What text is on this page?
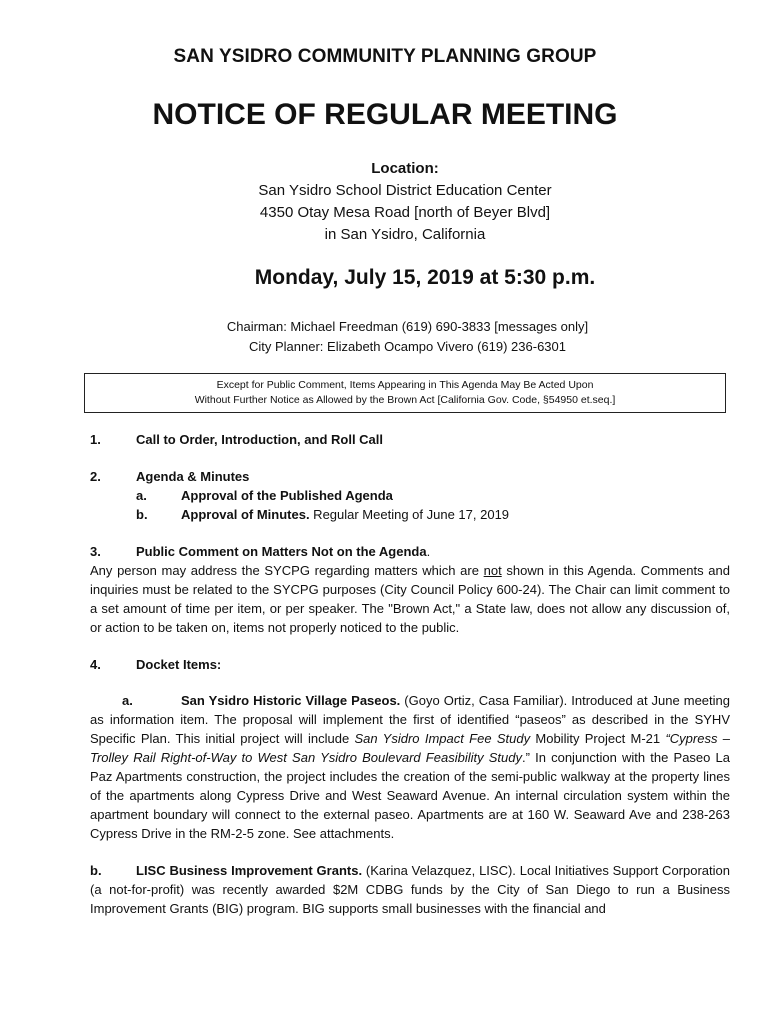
SAN YSIDRO COMMUNITY PLANNING GROUP
NOTICE OF REGULAR MEETING
Location:
San Ysidro School District Education Center
4350 Otay Mesa Road [north of Beyer Blvd]
in San Ysidro, California
Monday, July 15, 2019 at 5:30 p.m.
Chairman: Michael Freedman (619) 690-3833 [messages only]
City Planner: Elizabeth Ocampo Vivero (619) 236-6301
Except for Public Comment, Items Appearing in This Agenda May Be Acted Upon
Without Further Notice as Allowed by the Brown Act [California Gov. Code, §54950 et.seq.]
1.	Call to Order, Introduction, and Roll Call
2.	Agenda & Minutes
a.	Approval of the Published Agenda
b.	Approval of Minutes. Regular Meeting of June 17, 2019
3.	Public Comment on Matters Not on the Agenda.
Any person may address the SYCPG regarding matters which are not shown in this Agenda. Comments and inquiries must be related to the SYCPG purposes (City Council Policy 600-24). The Chair can limit comment to a set amount of time per item, or per speaker. The "Brown Act," a State law, does not allow any discussion of, or action to be taken on, items not properly noticed to the public.
4.	Docket Items:
a.	San Ysidro Historic Village Paseos. (Goyo Ortiz, Casa Familiar). Introduced at June meeting as information item. The proposal will implement the first of identified “paseos” as described in the SYHV Specific Plan. This initial project will include San Ysidro Impact Fee Study Mobility Project M-21 “Cypress – Trolley Rail Right-of-Way to West San Ysidro Boulevard Feasibility Study.” In conjunction with the Paseo La Paz Apartments construction, the project includes the creation of the semi-public walkway at the property lines of the apartments along Cypress Drive and West Seaward Avenue. An internal circulation system within the apartment boundary will connect to the external paseo. Apartments are at 160 W. Seaward Ave and 238-263 Cypress Drive in the RM-2-5 zone. See attachments.
b.	LISC Business Improvement Grants. (Karina Velazquez, LISC). Local Initiatives Support Corporation (a not-for-profit) was recently awarded $2M CDBG funds by the City of San Diego to run a Business Improvement Grants (BIG) program. BIG supports small businesses with the financial and
